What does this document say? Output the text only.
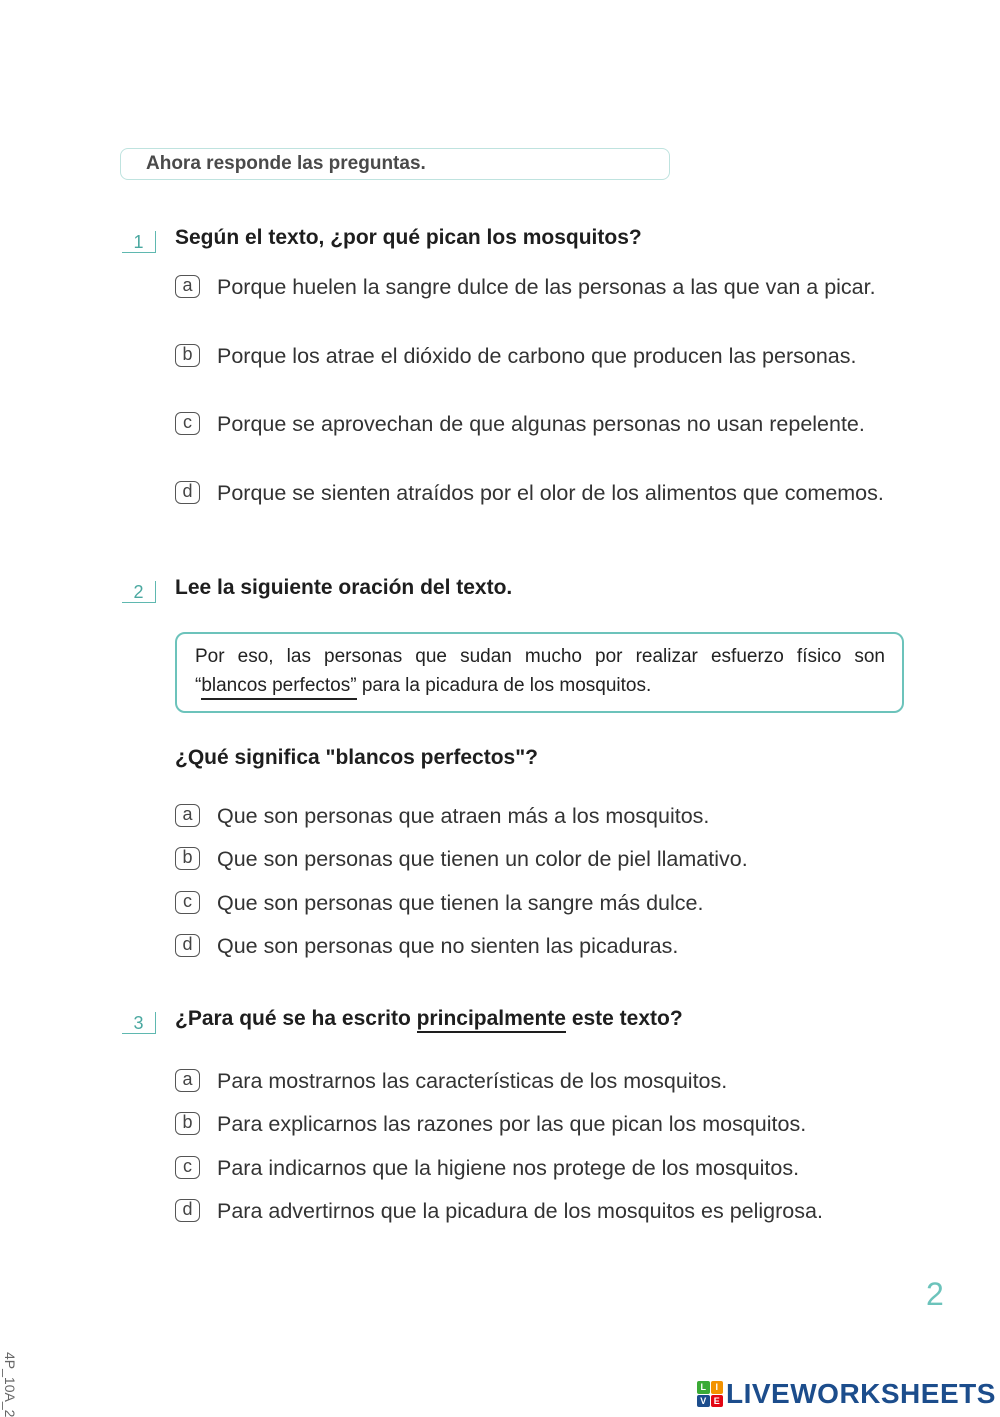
Ahora responde las preguntas.
1	Según el texto, ¿por qué pican los mosquitos?
a	Porque huelen la sangre dulce de las personas a las que van a picar.
b	Porque los atrae el dióxido de carbono que producen las personas.
c	Porque se aprovechan de que algunas personas no usan repelente.
d	Porque se sienten atraídos por el olor de los alimentos que comemos.
2	Lee la siguiente oración del texto.
Por eso, las personas que sudan mucho por realizar esfuerzo físico son
“blancos perfectos” para la picadura de los mosquitos.
¿Qué significa "blancos perfectos"?
a	Que son personas que atraen más a los mosquitos.
b	Que son personas que tienen un color de piel llamativo.
c	Que son personas que tienen la sangre más dulce.
d	Que son personas que no sienten las picaduras.
3	¿Para qué se ha escrito principalmente este texto?
a	Para mostrarnos las características de los mosquitos.
b	Para explicarnos las razones por las que pican los mosquitos.
c	Para indicarnos que la higiene nos protege de los mosquitos.
d	Para advertirnos que la picadura de los mosquitos es peligrosa.
2
4P_10A_2	L	I
V E LIVEWORKSHEETS
